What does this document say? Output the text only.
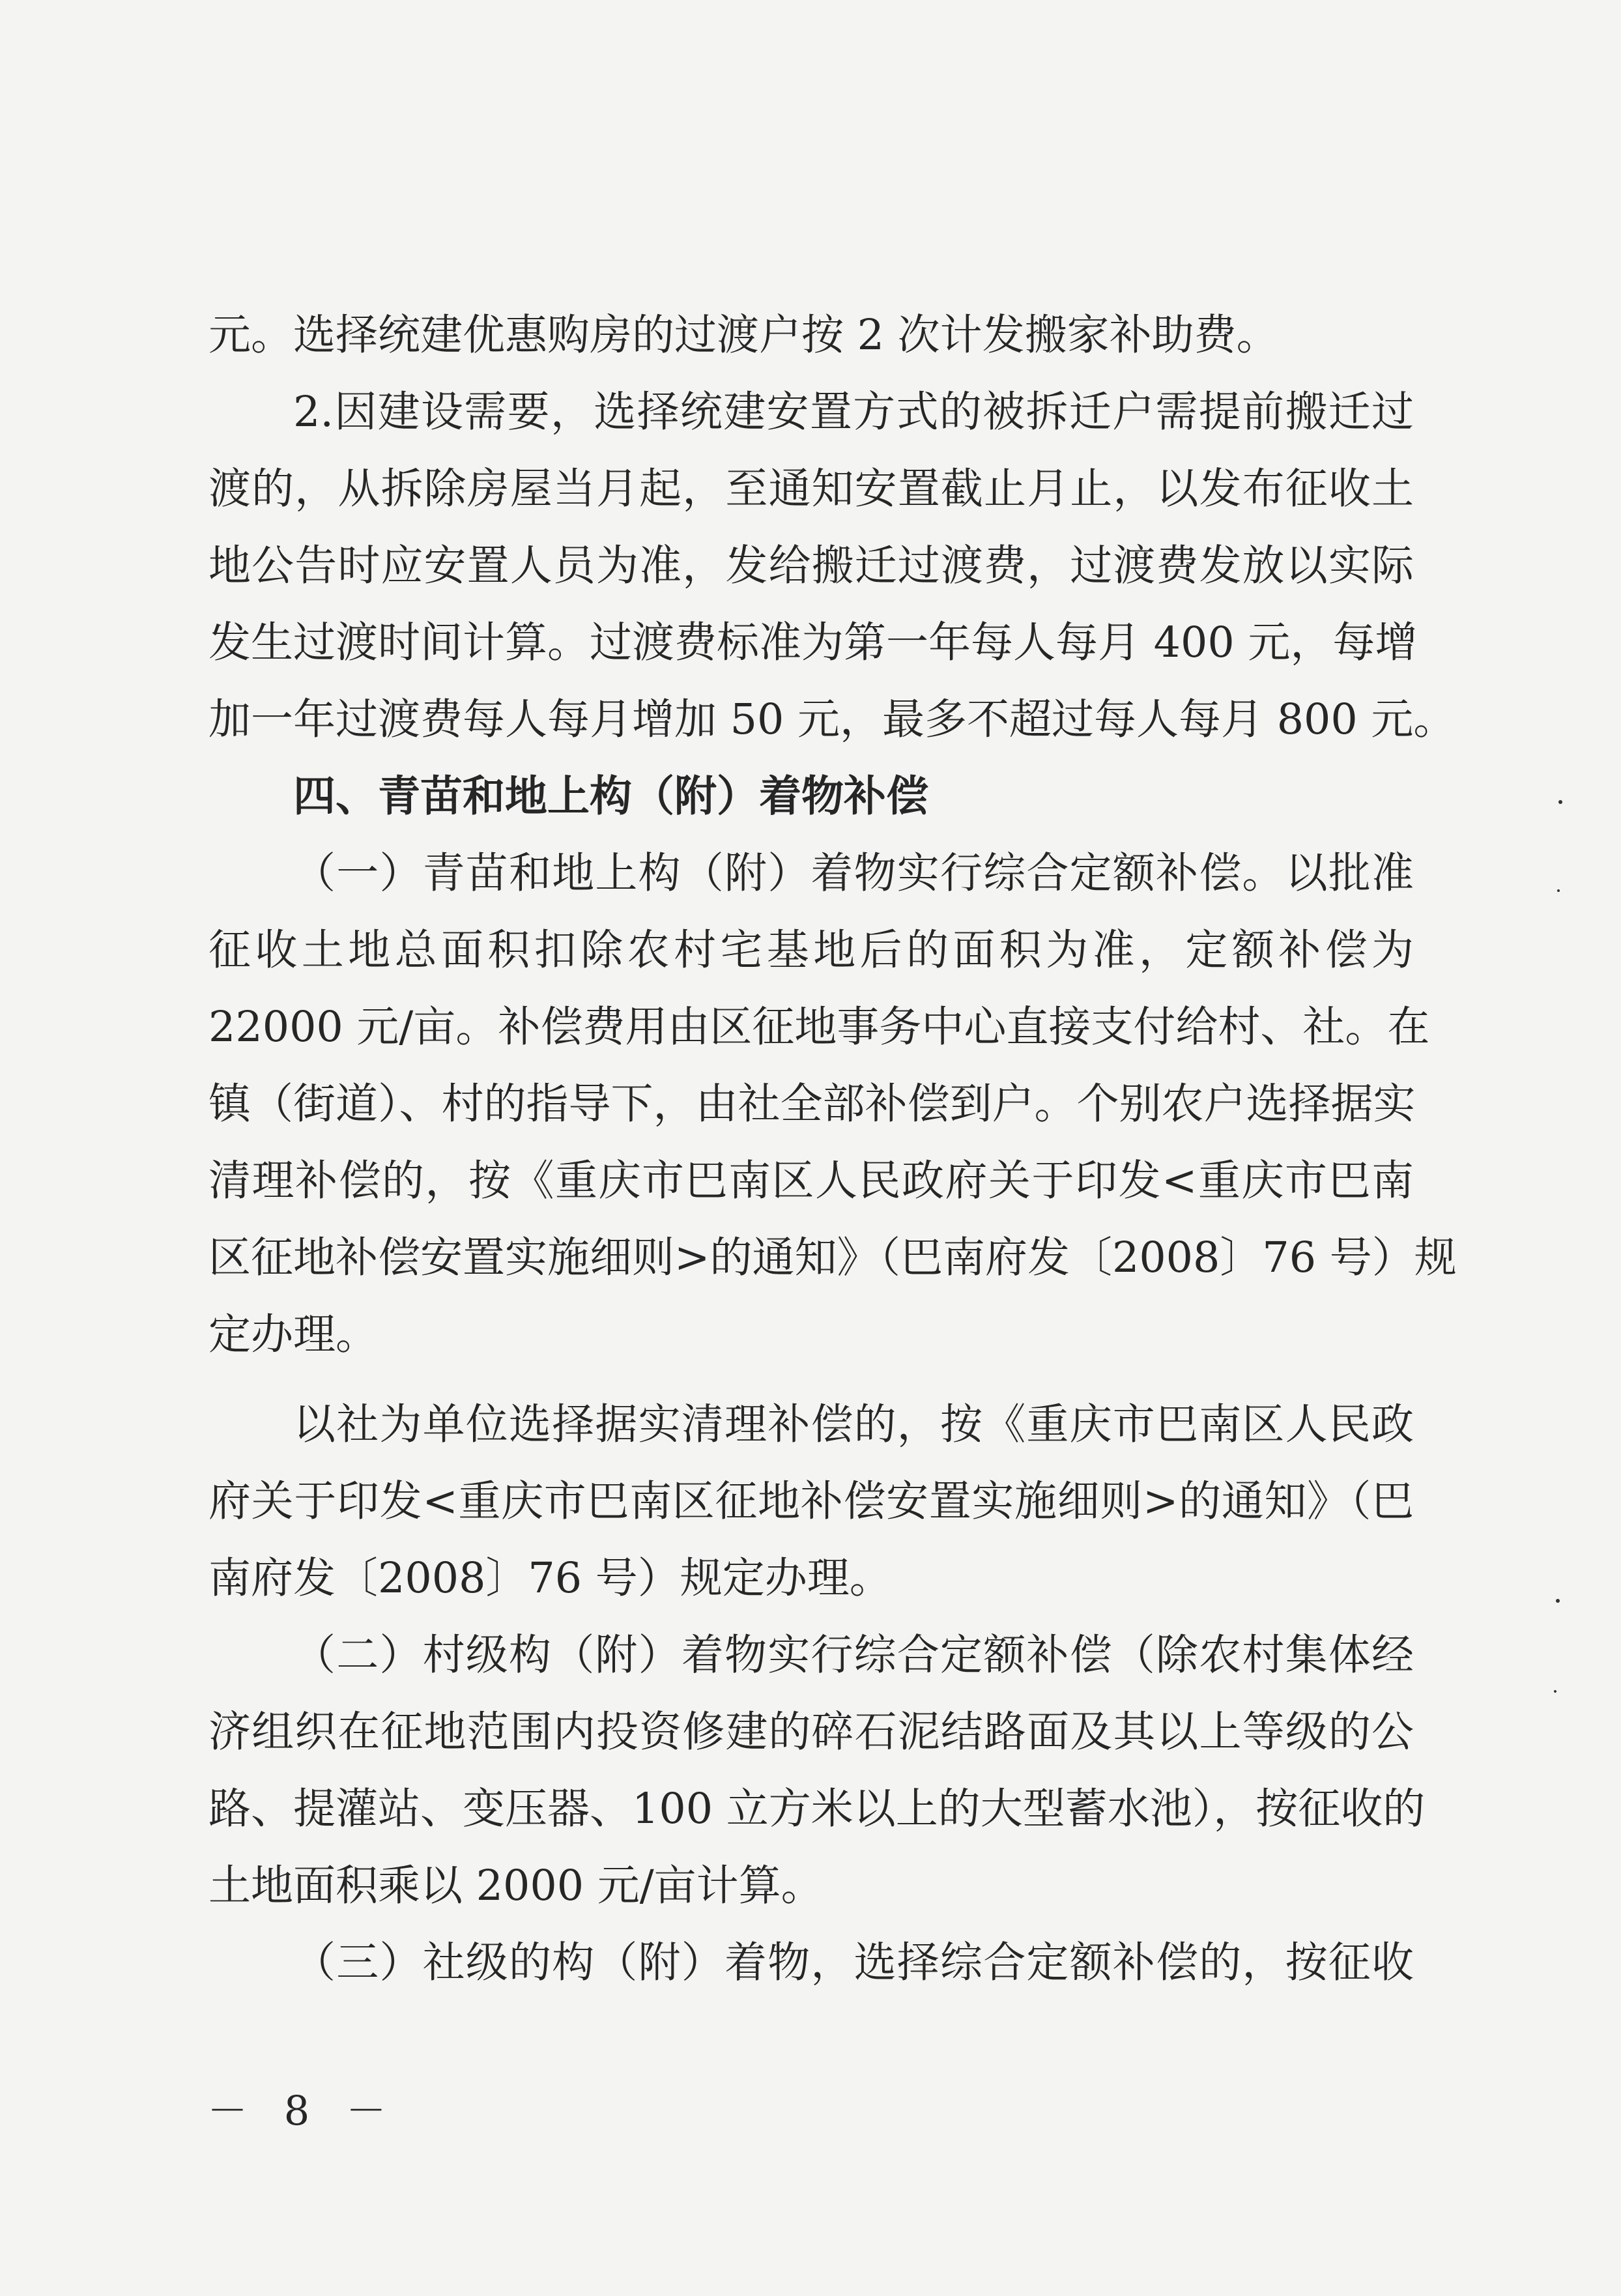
元。选择统建优惠购房的过渡户按 2 次计发搬家补助费。
2.因建设需要，选择统建安置方式的被拆迁户需提前搬迁过
渡的，从拆除房屋当月起，至通知安置截止月止，以发布征收土
地公告时应安置人员为准，发给搬迁过渡费，过渡费发放以实际
发生过渡时间计算。过渡费标准为第一年每人每月 400 元，每增
加一年过渡费每人每月增加 50 元，最多不超过每人每月 800 元。
四、青苗和地上构（附）着物补偿
（一）青苗和地上构（附）着物实行综合定额补偿。以批准
征收土地总面积扣除农村宅基地后的面积为准，定额补偿为
22000 元/亩。补偿费用由区征地事务中心直接支付给村、社。在
镇（街道）、村的指导下，由社全部补偿到户。个别农户选择据实
清理补偿的，按《重庆市巴南区人民政府关于印发<重庆市巴南
区征地补偿安置实施细则>的通知》（巴南府发〔2008〕76 号）规
定办理。
以社为单位选择据实清理补偿的，按《重庆市巴南区人民政
府关于印发<重庆市巴南区征地补偿安置实施细则>的通知》（巴
南府发〔2008〕76 号）规定办理。
（二）村级构（附）着物实行综合定额补偿（除农村集体经
济组织在征地范围内投资修建的碎石泥结路面及其以上等级的公
路、提灌站、变压器、100 立方米以上的大型蓄水池），按征收的
土地面积乘以 2000 元/亩计算。
（三）社级的构（附）着物，选择综合定额补偿的，按征收
－ 8 －
